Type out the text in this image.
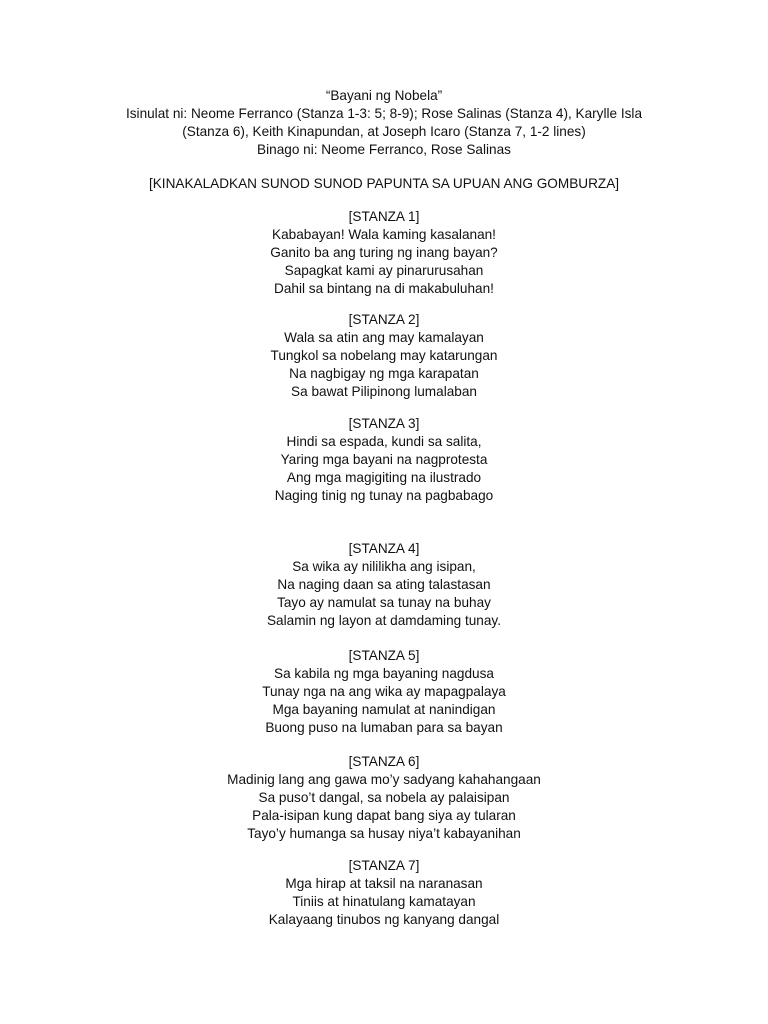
“Bayani ng Nobela”
Isinulat ni: Neome Ferranco (Stanza 1-3: 5; 8-9); Rose Salinas (Stanza 4), Karylle Isla
(Stanza 6), Keith Kinapundan, at Joseph Icaro (Stanza 7, 1-2 lines)
Binago ni: Neome Ferranco, Rose Salinas
[KINAKALADKAN SUNOD SUNOD PAPUNTA SA UPUAN ANG GOMBURZA]
[STANZA 1]
Kababayan! Wala kaming kasalanan!
Ganito ba ang turing ng inang bayan?
Sapagkat kami ay pinarurusahan
Dahil sa bintang na di makabuluhan!
[STANZA 2]
Wala sa atin ang may kamalayan
Tungkol sa nobelang may katarungan
Na nagbigay ng mga karapatan
Sa bawat Pilipinong lumalaban
[STANZA 3]
Hindi sa espada, kundi sa salita,
Yaring mga bayani na nagprotesta
Ang mga magigiting na ilustrado
Naging tinig ng tunay na pagbabago
[STANZA 4]
Sa wika ay nililikha ang isipan,
Na naging daan sa ating talastasan
Tayo ay namulat sa tunay na buhay
Salamin ng layon at damdaming tunay.
[STANZA 5]
Sa kabila ng mga bayaning nagdusa
Tunay nga na ang wika ay mapagpalaya
Mga bayaning namulat at nanindigan
Buong puso na lumaban para sa bayan
[STANZA 6]
Madinig lang ang gawa mo’y sadyang kahahangaan
Sa puso’t dangal, sa nobela ay palaisipan
Pala-isipan kung dapat bang siya ay tularan
Tayo’y humanga sa husay niya’t kabayanihan
[STANZA 7]
Mga hirap at taksil na naranasan
Tiniis at hinatulang kamatayan
Kalayaang tinubos ng kanyang dangal
